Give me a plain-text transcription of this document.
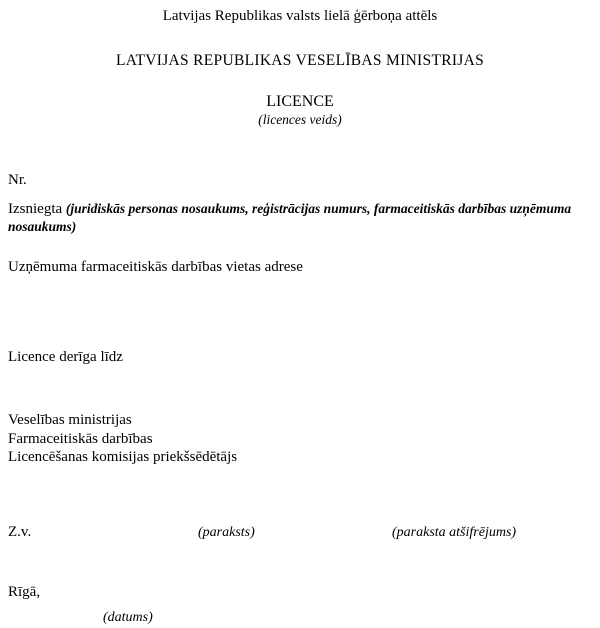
Latvijas Republikas valsts lielā ģērboņa attēls
LATVIJAS REPUBLIKAS VESELĪBAS MINISTRIJAS
LICENCE
(licences veids)
Nr.
Izsniegta (juridiskās personas nosaukums, reģistrācijas numurs, farmaceitiskās darbības uzņēmuma nosaukums)
Uzņēmuma farmaceitiskās darbības vietas adrese
Licence derīga līdz
Veselības ministrijas
Farmaceitiskās darbības
Licencēšanas komisijas priekšsēdētājs
Z.v.	(paraksts)	(paraksta atšifrējums)
Rīgā,
(datums)
